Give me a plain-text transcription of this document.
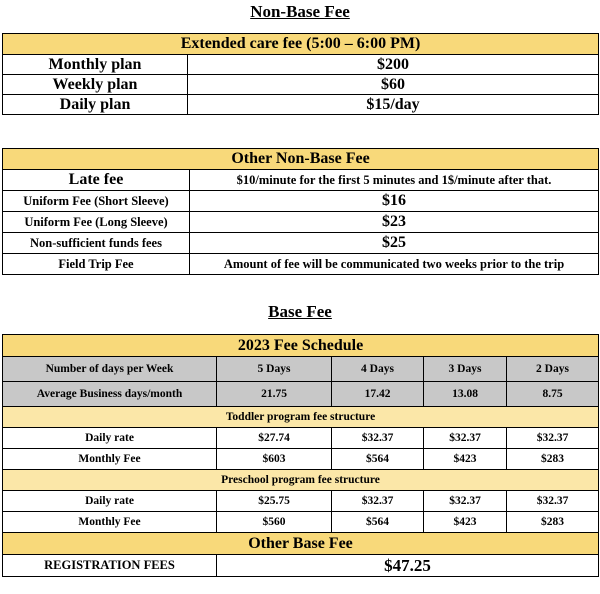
Non-Base Fee
Extended care fee (5:00 – 6:00 PM)	
Monthly plan	$200
Weekly plan	$60
Daily plan	$15/day
Other Non-Base Fee	
Late fee	$10/minute for the first 5 minutes and 1$/minute after that.
Uniform Fee (Short Sleeve)	$16
Uniform Fee (Long Sleeve)	$23
Non-sufficient funds fees	$25
Field Trip Fee	Amount of fee will be communicated two weeks prior to the trip
Base Fee
2023 Fee Schedule				
Number of days per Week	5 Days	4 Days	3 Days	2 Days
Average Business days/month	21.75	17.42	13.08	8.75
Toddler program fee structure				
Daily rate	$27.74	$32.37	$32.37	$32.37
Monthly Fee	$603	$564	$423	$283
Preschool program fee structure				
Daily rate	$25.75	$32.37	$32.37	$32.37
Monthly Fee	$560	$564	$423	$283
Other Base Fee				
REGISTRATION FEES	$47.25			
